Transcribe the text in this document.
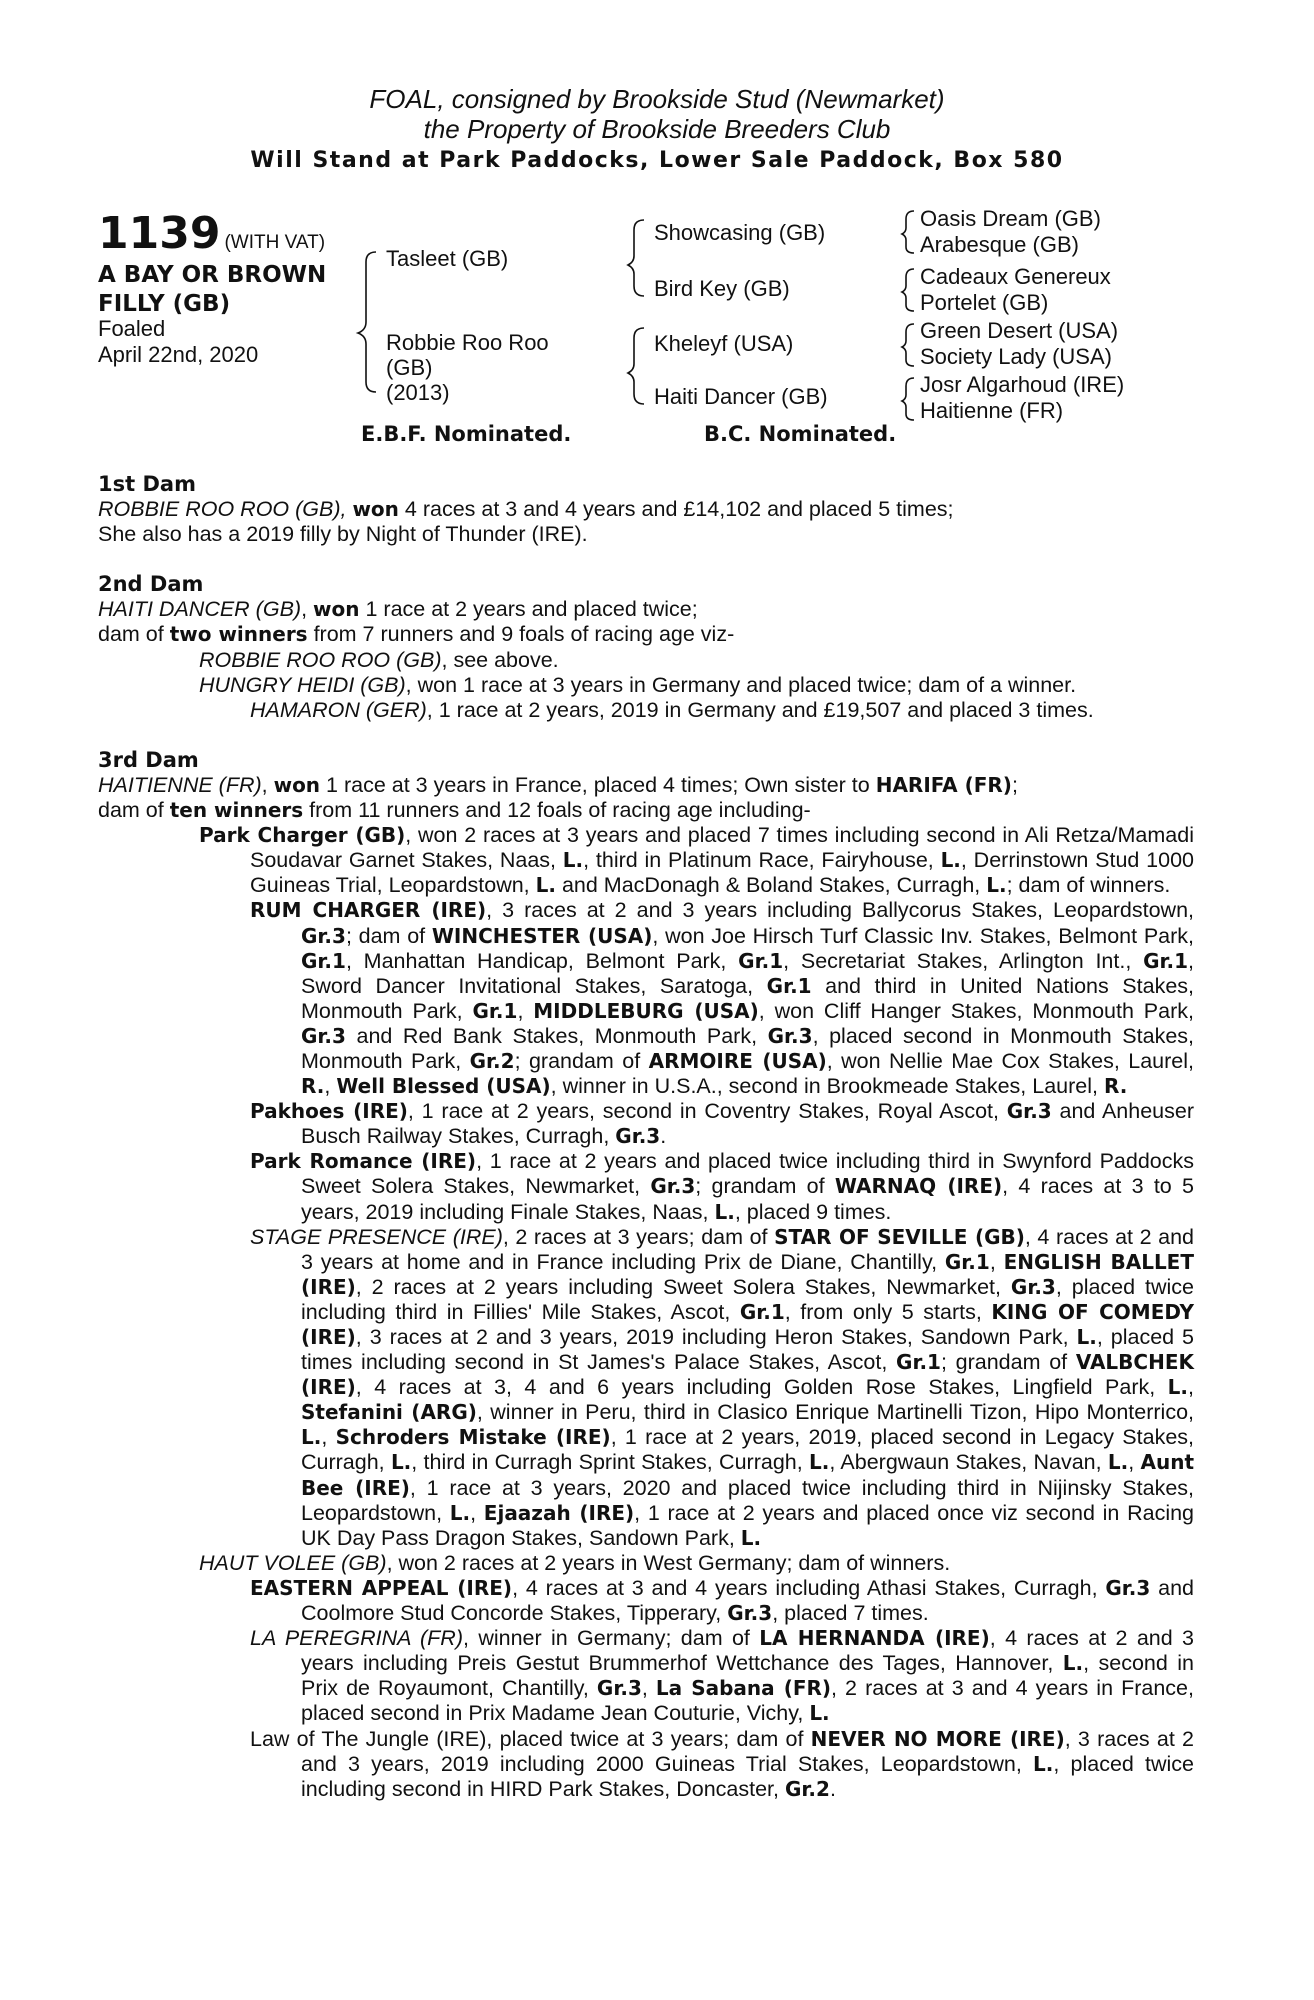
FOAL, consigned by Brookside Stud (Newmarket)
the Property of Brookside Breeders Club
Will Stand at Park Paddocks, Lower Sale Paddock, Box 580
1139 (WITH VAT)
A BAY OR BROWN
FILLY (GB)
Foaled
April 22nd, 2020
Tasleet (GB)
Robbie Roo Roo
(GB)
(2013)
Showcasing (GB)
Bird Key (GB)
Kheleyf (USA)
Haiti Dancer (GB)
Oasis Dream (GB)
Arabesque (GB)
Cadeaux Genereux
Portelet (GB)
Green Desert (USA)
Society Lady (USA)
Josr Algarhoud (IRE)
Haitienne (FR)
E.B.F. Nominated.	B.C. Nominated.
1st Dam

ROBBIE ROO ROO (GB), won 4 races at 3 and 4 years and £14,102 and placed 5 times;

She also has a 2019 filly by Night of Thunder (IRE).

2nd Dam

HAITI DANCER (GB), won 1 race at 2 years and placed twice;

dam of two winners from 7 runners and 9 foals of racing age viz-

ROBBIE ROO ROO (GB), see above.

HUNGRY HEIDI (GB), won 1 race at 3 years in Germany and placed twice; dam of a winner.

HAMARON (GER), 1 race at 2 years, 2019 in Germany and £19,507 and placed 3 times.

3rd Dam

HAITIENNE (FR), won 1 race at 3 years in France, placed 4 times; Own sister to HARIFA (FR);

dam of ten winners from 11 runners and 12 foals of racing age including-

Park Charger (GB), won 2 races at 3 years and placed 7 times including second in Ali Retza/Mamadi Soudavar Garnet Stakes, Naas, L., third in Platinum Race, Fairyhouse, L., Derrinstown Stud 1000 Guineas Trial, Leopardstown, L. and MacDonagh & Boland Stakes, Curragh, L.; dam of winners.

RUM CHARGER (IRE), 3 races at 2 and 3 years including Ballycorus Stakes, Leopardstown, Gr.3; dam of WINCHESTER (USA), won Joe Hirsch Turf Classic Inv. Stakes, Belmont Park, Gr.1, Manhattan Handicap, Belmont Park, Gr.1, Secretariat Stakes, Arlington Int., Gr.1, Sword Dancer Invitational Stakes, Saratoga, Gr.1 and third in United Nations Stakes, Monmouth Park, Gr.1, MIDDLEBURG (USA), won Cliff Hanger Stakes, Monmouth Park, Gr.3 and Red Bank Stakes, Monmouth Park, Gr.3, placed second in Monmouth Stakes, Monmouth Park, Gr.2; grandam of ARMOIRE (USA), won Nellie Mae Cox Stakes, Laurel, R., Well Blessed (USA), winner in U.S.A., second in Brookmeade Stakes, Laurel, R.

Pakhoes (IRE), 1 race at 2 years, second in Coventry Stakes, Royal Ascot, Gr.3 and Anheuser Busch Railway Stakes, Curragh, Gr.3.

Park Romance (IRE), 1 race at 2 years and placed twice including third in Swynford Paddocks Sweet Solera Stakes, Newmarket, Gr.3; grandam of WARNAQ (IRE), 4 races at 3 to 5 years, 2019 including Finale Stakes, Naas, L., placed 9 times.

STAGE PRESENCE (IRE), 2 races at 3 years; dam of STAR OF SEVILLE (GB), 4 races at 2 and 3 years at home and in France including Prix de Diane, Chantilly, Gr.1, ENGLISH BALLET (IRE), 2 races at 2 years including Sweet Solera Stakes, Newmarket, Gr.3, placed twice including third in Fillies' Mile Stakes, Ascot, Gr.1, from only 5 starts, KING OF COMEDY (IRE), 3 races at 2 and 3 years, 2019 including Heron Stakes, Sandown Park, L., placed 5 times including second in St James's Palace Stakes, Ascot, Gr.1; grandam of VALBCHEK (IRE), 4 races at 3, 4 and 6 years including Golden Rose Stakes, Lingfield Park, L., Stefanini (ARG), winner in Peru, third in Clasico Enrique Martinelli Tizon, Hipo Monterrico, L., Schroders Mistake (IRE), 1 race at 2 years, 2019, placed second in Legacy Stakes, Curragh, L., third in Curragh Sprint Stakes, Curragh, L., Abergwaun Stakes, Navan, L., Aunt Bee (IRE), 1 race at 3 years, 2020 and placed twice including third in Nijinsky Stakes, Leopardstown, L., Ejaazah (IRE), 1 race at 2 years and placed once viz second in Racing UK Day Pass Dragon Stakes, Sandown Park, L.

HAUT VOLEE (GB), won 2 races at 2 years in West Germany; dam of winners.

EASTERN APPEAL (IRE), 4 races at 3 and 4 years including Athasi Stakes, Curragh, Gr.3 and Coolmore Stud Concorde Stakes, Tipperary, Gr.3, placed 7 times.

LA PEREGRINA (FR), winner in Germany; dam of LA HERNANDA (IRE), 4 races at 2 and 3 years including Preis Gestut Brummerhof Wettchance des Tages, Hannover, L., second in Prix de Royaumont, Chantilly, Gr.3, La Sabana (FR), 2 races at 3 and 4 years in France, placed second in Prix Madame Jean Couturie, Vichy, L.

Law of The Jungle (IRE), placed twice at 3 years; dam of NEVER NO MORE (IRE), 3 races at 2 and 3 years, 2019 including 2000 Guineas Trial Stakes, Leopardstown, L., placed twice including second in HIRD Park Stakes, Doncaster, Gr.2.
